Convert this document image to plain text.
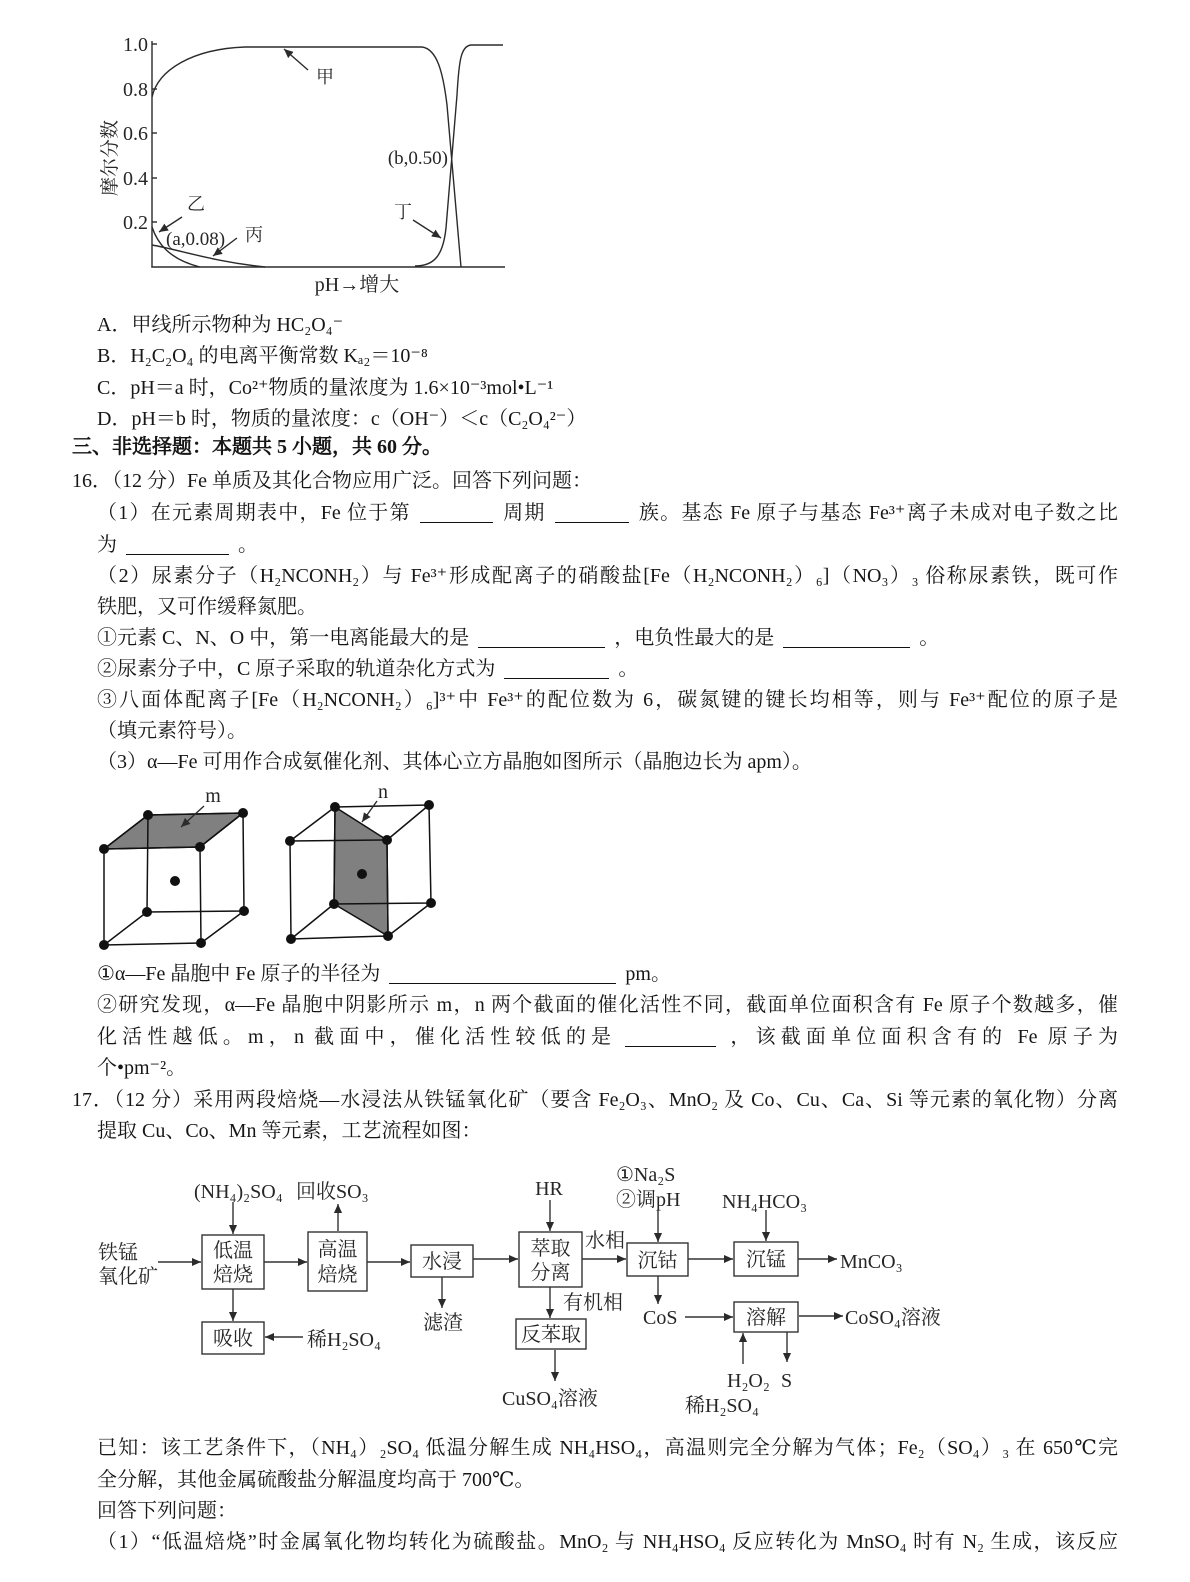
1.0
0.8
0.6
0.4
0.2
摩尔分数
pH→增大
甲
乙
丙
丁
(a,0.08)
(b,0.50)
m	n
铁锰
氧化矿
(NH₄)₂SO₄ 回收SO₃
低温
焙烧
高温
焙烧
水浸
滤渣
吸收	稀H₂SO₄
HR
萃取
分离
水相
有机相
反苯取
CuSO₄溶液
①Na₂S
②调pH
沉钴
CoS
NH₄HCO₃
沉锰	MnCO₃
溶解	CoSO₄溶液
H₂O₂ S
稀H₂SO₄
A．甲线所示物种为 HC₂O₄⁻
B．H₂C₂O₄ 的电离平衡常数 Kₐ₂＝10⁻⁸
C．pH＝a 时，Co²⁺物质的量浓度为 1.6×10⁻³mol•L⁻¹
D．pH＝b 时，物质的量浓度：c（OH⁻）＜c（C₂O₄²⁻）
三、非选择题：本题共 5 小题，共 60 分。
16．（12 分）Fe 单质及其化合物应用广泛。回答下列问题：
（1）在元素周期表中，Fe 位于第	周期	族。基态 Fe 原子与基态 Fe³⁺离子未成对电子数之比
为	。
（2）尿素分子（H₂NCONH₂）与 Fe³⁺形成配离子的硝酸盐[Fe（H₂NCONH₂）₆]（NO₃）₃ 俗称尿素铁，既可作
铁肥，又可作缓释氮肥。
①元素 C、N、O 中，第一电离能最大的是	，电负性最大的是	。
②尿素分子中，C 原子采取的轨道杂化方式为	。
③八面体配离子[Fe（H₂NCONH₂）₆]³⁺中 Fe³⁺的配位数为 6，碳氮键的键长均相等，则与 Fe³⁺配位的原子是
（填元素符号）。
（3）α—Fe 可用作合成氨催化剂、其体心立方晶胞如图所示（晶胞边长为 apm）。
①α—Fe 晶胞中 Fe 原子的半径为	pm。
②研究发现，α—Fe 晶胞中阴影所示 m，n 两个截面的催化活性不同，截面单位面积含有 Fe 原子个数越多，催
化活性越低。m，n 截面中，催化活性较低的是	，该截面单位面积含有的 Fe 原子为
个•pm⁻²。
17．（12 分）采用两段焙烧—水浸法从铁锰氧化矿（要含 Fe₂O₃、MnO₂ 及 Co、Cu、Ca、Si 等元素的氧化物）分离
提取 Cu、Co、Mn 等元素，工艺流程如图：
已知：该工艺条件下，（NH₄）₂SO₄ 低温分解生成 NH₄HSO₄，高温则完全分解为气体；Fe₂（SO₄）₃ 在 650℃完
全分解，其他金属硫酸盐分解温度均高于 700℃。
回答下列问题：
（1）“低温焙烧”时金属氧化物均转化为硫酸盐。MnO₂ 与 NH₄HSO₄ 反应转化为 MnSO₄ 时有 N₂ 生成，该反应
